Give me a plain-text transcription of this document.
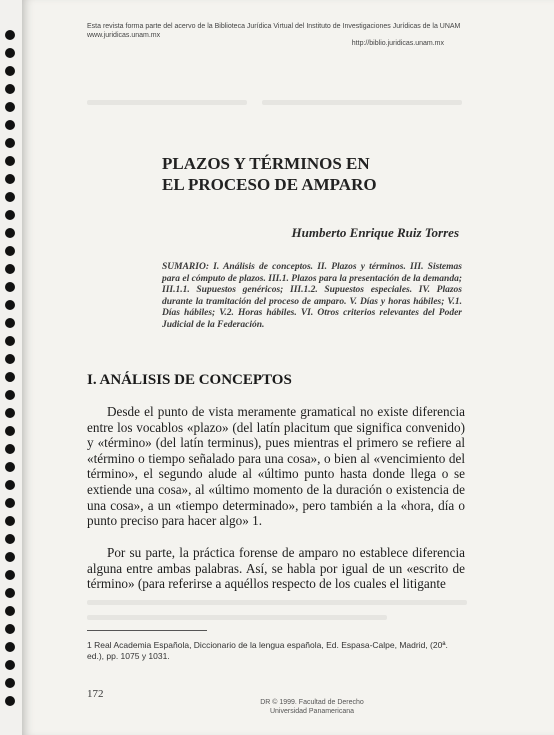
Esta revista forma parte del acervo de la Biblioteca Jurídica Virtual del Instituto de Investigaciones Jurídicas de la UNAM
www.juridicas.unam.mx
http://biblio.juridicas.unam.mx
PLAZOS Y TÉRMINOS EN
EL PROCESO DE AMPARO
Humberto Enrique Ruiz Torres
SUMARIO: I. Análisis de conceptos. II. Plazos y términos. III. Sistemas para el cómputo de plazos. III.1. Plazos para la presentación de la demanda; III.1.1. Supuestos genéricos; III.1.2. Supuestos especiales. IV. Plazos durante la tramitación del proceso de amparo. V. Días y horas hábiles; V.1. Días hábiles; V.2. Horas hábiles. VI. Otros criterios relevantes del Poder Judicial de la Federación.
I. ANÁLISIS DE CONCEPTOS
Desde el punto de vista meramente gramatical no existe diferencia entre los vocablos «plazo» (del latín placitum que significa convenido) y «término» (del latín terminus), pues mientras el primero se refiere al «término o tiempo señalado para una cosa», o bien al «vencimiento del término», el segundo alude al «último punto hasta donde llega o se extiende una cosa», al «último momento de la duración o existencia de una cosa», a un «tiempo determinado», pero también a la «hora, día o punto preciso para hacer algo» 1.
Por su parte, la práctica forense de amparo no establece diferencia alguna entre ambas palabras. Así, se habla por igual de un «escrito de término» (para referirse a aquéllos respecto de los cuales el litigante
1 Real Academia Española, Diccionario de la lengua española, Ed. Espasa-Calpe, Madrid, (20ª. ed.), pp. 1075 y 1031.
172
DR © 1999. Facultad de Derecho
Universidad Panamericana
